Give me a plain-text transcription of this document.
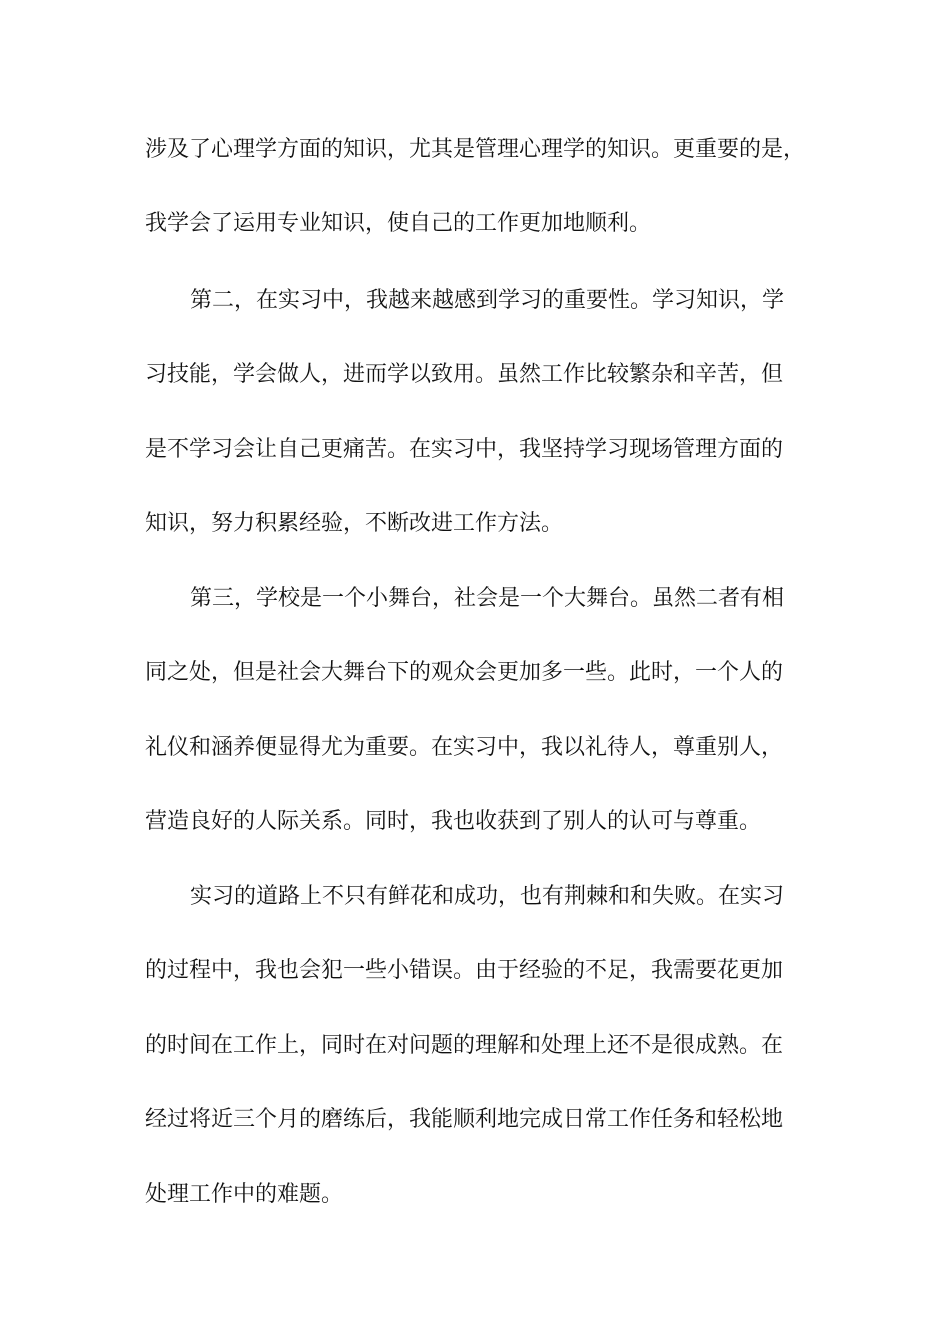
涉及了心理学方面的知识，尤其是管理心理学的知识。更重要的是，
我学会了运用专业知识，使自己的工作更加地顺利。
第二，在实习中，我越来越感到学习的重要性。学习知识，学
习技能，学会做人，进而学以致用。虽然工作比较繁杂和辛苦，但
是不学习会让自己更痛苦。在实习中，我坚持学习现场管理方面的
知识，努力积累经验，不断改进工作方法。
第三，学校是一个小舞台，社会是一个大舞台。虽然二者有相
同之处，但是社会大舞台下的观众会更加多一些。此时，一个人的
礼仪和涵养便显得尤为重要。在实习中，我以礼待人，尊重别人，
营造良好的人际关系。同时，我也收获到了别人的认可与尊重。
实习的道路上不只有鲜花和成功，也有荆棘和和失败。在实习
的过程中，我也会犯一些小错误。由于经验的不足，我需要花更加
的时间在工作上，同时在对问题的理解和处理上还不是很成熟。在
经过将近三个月的磨练后，我能顺利地完成日常工作任务和轻松地
处理工作中的难题。
